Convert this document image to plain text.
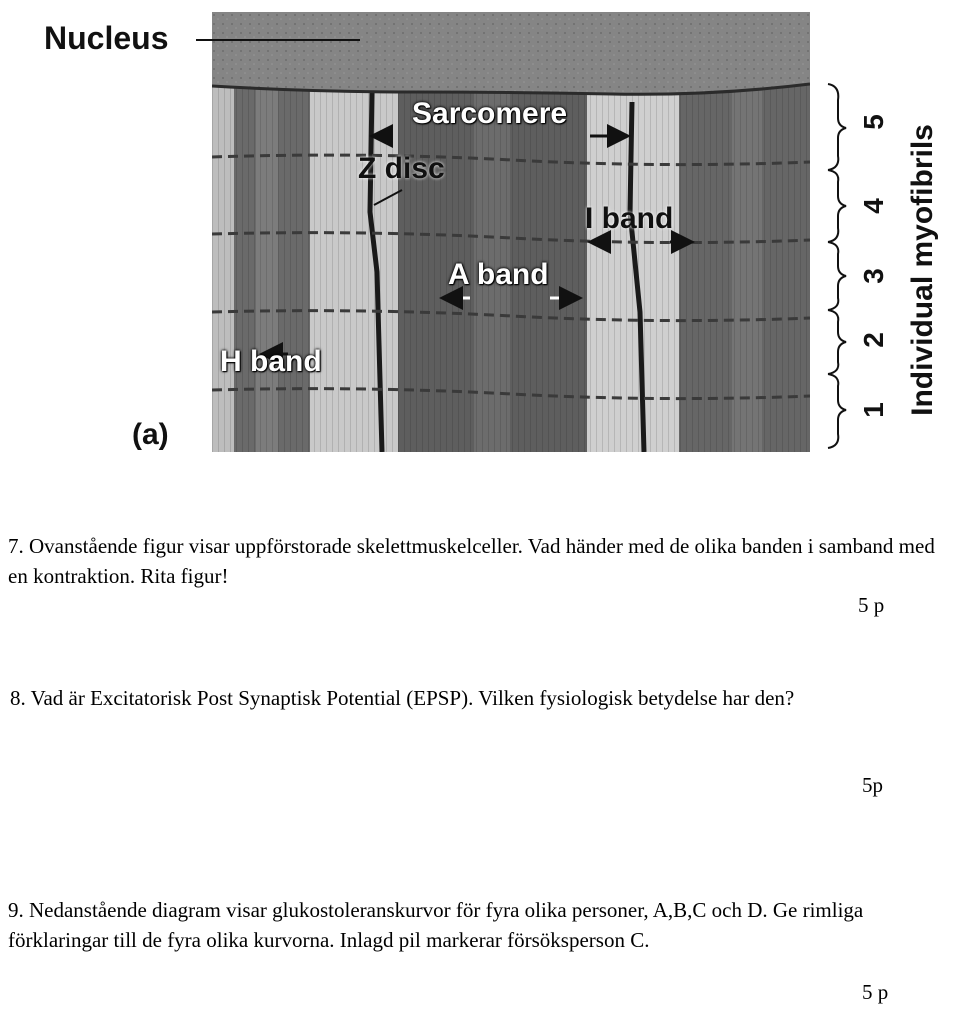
Nucleus
Sarcomere
Z disc
I band
A band
H band
(a)
1
2
3
4
5
Individual myofibrils
7. Ovanstående figur visar uppförstorade skelettmuskelceller. Vad händer med de olika banden i samband med en kontraktion. Rita figur!
5 p
8. Vad är Excitatorisk Post Synaptisk Potential (EPSP). Vilken fysiologisk betydelse har den?
5p
9. Nedanstående diagram visar glukostoleranskurvor för fyra olika personer, A,B,C och D. Ge rimliga förklaringar till de fyra olika kurvorna. Inlagd pil markerar försöksperson C.
5 p
